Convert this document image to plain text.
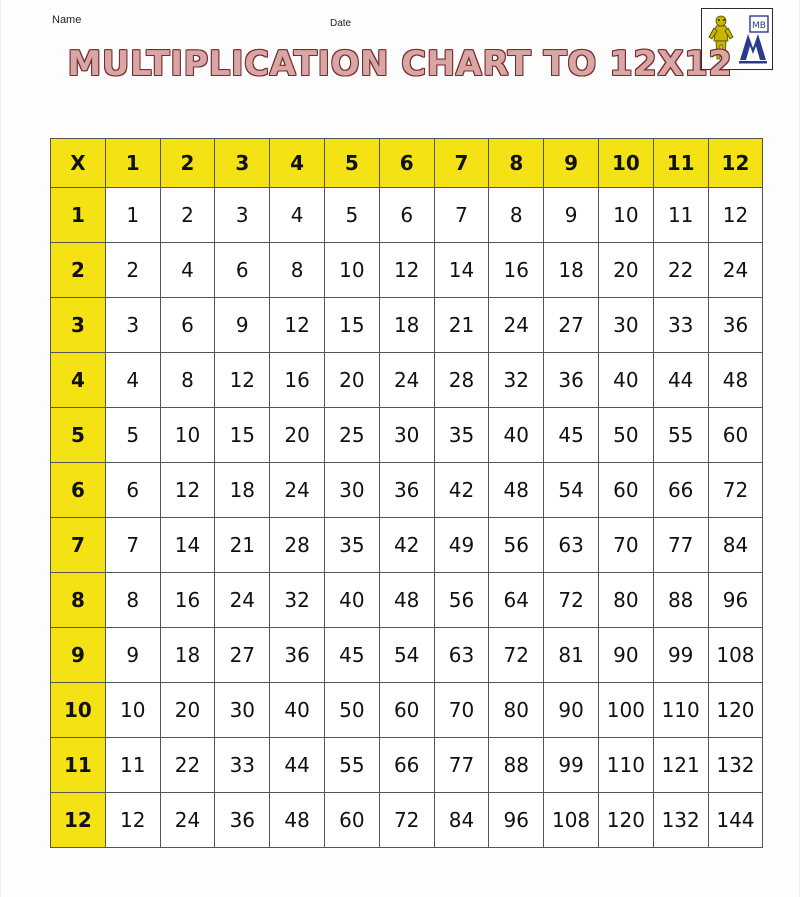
Name	Date	MB
MULTIPLICATION CHART TO 12X12
X	1	2	3	4	5	6	7	8	9	10	11	12
1	1	2	3	4	5	6	7	8	9	10	11	12
2	2	4	6	8	10	12	14	16	18	20	22	24
3	3	6	9	12	15	18	21	24	27	30	33	36
4	4	8	12	16	20	24	28	32	36	40	44	48
5	5	10	15	20	25	30	35	40	45	50	55	60
6	6	12	18	24	30	36	42	48	54	60	66	72
7	7	14	21	28	35	42	49	56	63	70	77	84
8	8	16	24	32	40	48	56	64	72	80	88	96
9	9	18	27	36	45	54	63	72	81	90	99	108
10	10	20	30	40	50	60	70	80	90	100	110	120
11	11	22	33	44	55	66	77	88	99	110	121	132
12	12	24	36	48	60	72	84	96	108	120	132	144
